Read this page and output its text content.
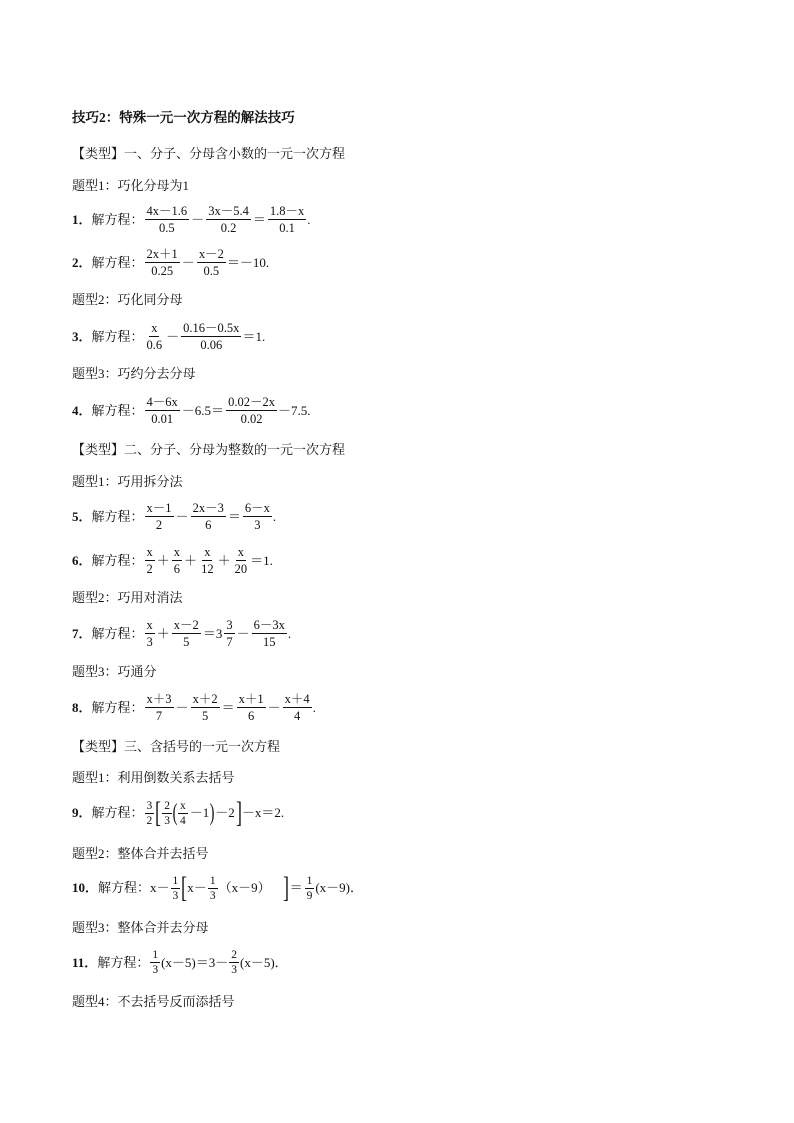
技巧2：特殊一元一次方程的解法技巧
【类型】一、分子、分母含小数的一元一次方程
题型1：巧化分母为1
1 ． 解方程： $\frac{4x-1.6}{0.5} - \frac{3x-5.4}{0.2} = \frac{1.8-x}{0.1}$ .
2 ． 解方程： $\frac{2x+1}{0.25} - \frac{x-2}{0.5} =-10$.
题型2：巧化同分母
3 ． 解方程： $\frac{x}{0.6} - \frac{0.16-0.5x}{0.06} =1$.
题型3：巧约分去分母
4 ． 解方程： $\frac{4-6x}{0.01} -6.5= \frac{0.02-2x}{0.02} -7.5$.
【类型】二、分子、分母为整数的一元一次方程
题型1：巧用拆分法
5 ． 解方程： $\frac{x-1}{2} - \frac{2x-3}{6} = \frac{6-x}{3}$ .
6 ． 解方程： $\frac{x}{2} + \frac{x}{6} + \frac{x}{12} + \frac{x}{20} =1$.
题型2：巧用对消法
7 ． 解方程： $\frac{x}{3} + \frac{x-2}{5} =3 \frac{3}{7} - \frac{6-3x}{15}$ .
题型3：巧通分
8 ． 解方程： $\frac{x+3}{7} - \frac{x+2}{5} = \frac{x+1}{6} - \frac{x+4}{4}$ .
【类型】三、含括号的一元一次方程
题型1：利用倒数关系去括号
9 ． 解方程： $\frac{3}{2}$ [ $\frac{2}{3}$ ( $\frac{x}{4} -1$ ) －2 ] －x＝2.
题型2：整体合并去括号
10 ． 解方程： $x- \frac{1}{3}$ [ $x- \frac{1}{3} (x-9)$ ] ＝ $\frac{1}{9} (x-9)$．
题型3：整体合并去分母
11 ． 解方程： $\frac{1}{3} (x-5)=3- \frac{2}{3} (x-5)$．
题型4：不去括号反而添括号
